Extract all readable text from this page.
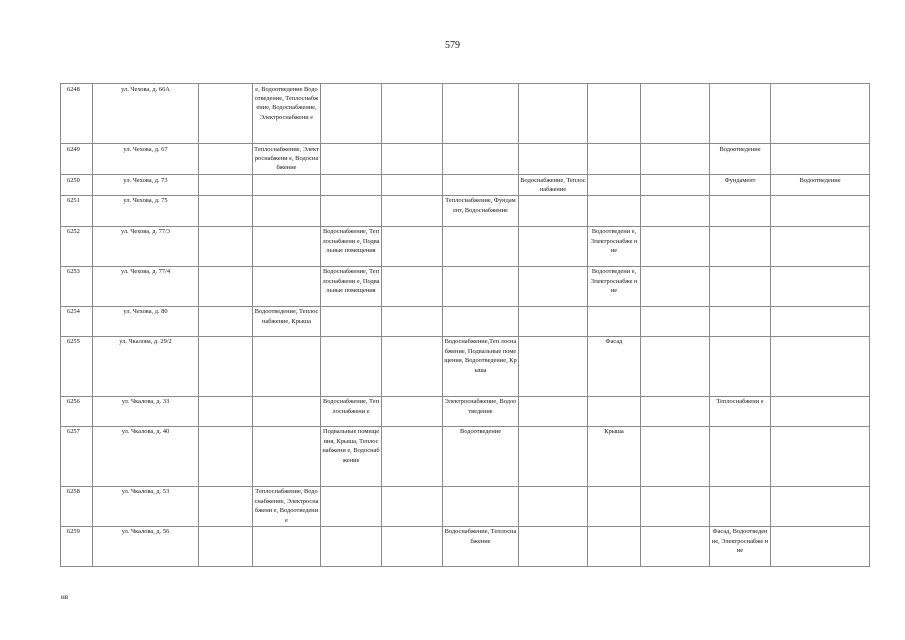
579
6248	ул. Чехова, д. 66А		е, Водоотведение Водоотведение, Теплоснабжение, Водоснабжение, Электроснабжени е								
6249	ул. Чехова, д. 67		Теплоснабжение, Электроснабжени е, Водоснабжение							Водоотведение	
6250	ул. Чехова, д. 73						Водоснабжение, Теплоснабжение			Фундамент	Водоотведение
6251	ул. Чехова, д. 75					Теплоснабжение, Фундамент, Водоснабжение					
6252	ул. Чехова, д. 77/3			Водоснабжение, Теплоснабжени е, Подвальные помещения				Водоотведени е, Электроснабже ние			
6253	ул. Чехова, д. 77/4			Водоснабжение, Теплоснабжени е, Подвальные помещения				Водоотведени е, Электроснабже ние			
6254	ул. Чехова, д. 80		Водоотведение, Теплоснабжение, Крыша								
6255	ул. Чкалова, д. 29/2					Водоснабжение,Теп лоснабжение, Подвальные помещения, Водоотведение, Крыша		Фасад			
6256	ул. Чкалова, д. 33			Водоснабжение, Теплоснабжени е		Электроснабжение, Водоотведение				Теплоснабжени е	
6257	ул. Чкалова, д. 40			Подвальные помещения, Крыша, Теплоснабжени е, Водоснабжение		Водоотведение		Крыша			
6258	ул. Чкалова, д. 53		Теплоснабжение, Водоснабжение, Электроснабжени е, Водоотведение								
6259	ул. Чкалова, д. 56					Водоснабжение, Теплоснабжение				Фасад, Водоотведение, Электроснабже ние	
нв
